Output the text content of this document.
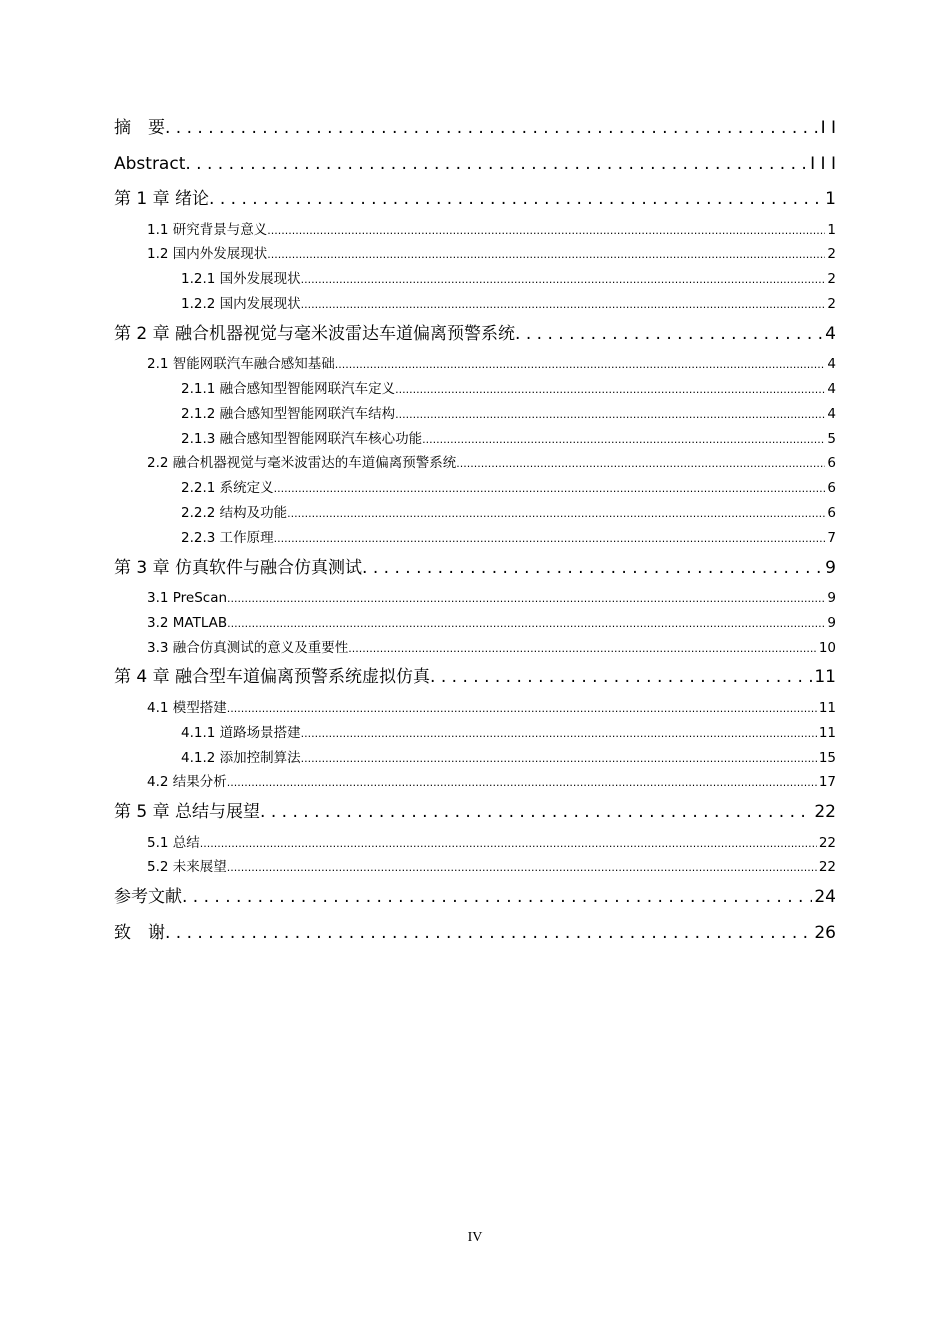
摘　要 . . .	I I
Abstract . . .	I I I
第 1 章 绪论 . . .	1
1.1 研究背景与意义 .....	1
1.2 国内外发展现状 .....	2
1.2.1 国外发展现状 .....	2
1.2.2 国内发展现状 .....	2
第 2 章 融合机器视觉与毫米波雷达车道偏离预警系统 . . .	4
2.1 智能网联汽车融合感知基础 .....	4
2.1.1 融合感知型智能网联汽车定义 .....	4
2.1.2 融合感知型智能网联汽车结构 .....	4
2.1.3 融合感知型智能网联汽车核心功能 .....	5
2.2 融合机器视觉与毫米波雷达的车道偏离预警系统 .....	6
2.2.1 系统定义 .....	6
2.2.2 结构及功能 .....	6
2.2.3 工作原理 .....	7
第 3 章 仿真软件与融合仿真测试 . . .	9
3.1 PreScan .....	9
3.2 MATLAB .....	9
3.3 融合仿真测试的意义及重要性 .....	10
第 4 章 融合型车道偏离预警系统虚拟仿真 . . .	11
4.1 模型搭建 .....	11
4.1.1 道路场景搭建 .....	11
4.1.2 添加控制算法 .....	15
4.2 结果分析 .....	17
第 5 章 总结与展望 . . .	22
5.1 总结 .....	22
5.2 未来展望 .....	22
参考文献 . . .	24
致　谢 . . .	26
IV
